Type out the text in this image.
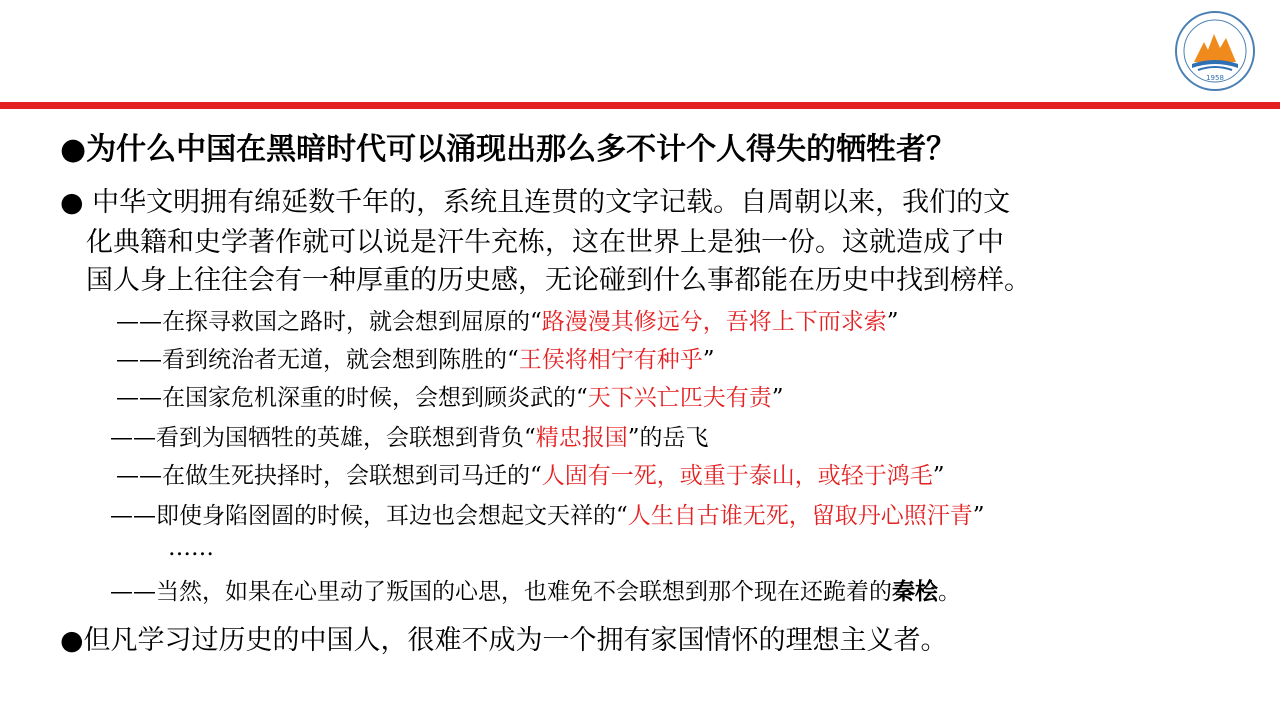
1958
●为什么中国在黑暗时代可以涌现出那么多不计个人得失的牺牲者？
● 中华文明拥有绵延数千年的，系统且连贯的文字记载。自周朝以来，我们的文
化典籍和史学著作就可以说是汗牛充栋，这在世界上是独一份。这就造成了中
国人身上往往会有一种厚重的历史感，无论碰到什么事都能在历史中找到榜样。
——在探寻救国之路时，就会想到屈原的“路漫漫其修远兮，吾将上下而求索”
——看到统治者无道，就会想到陈胜的“王侯将相宁有种乎”
——在国家危机深重的时候，会想到顾炎武的“天下兴亡匹夫有责”
——看到为国牺牲的英雄，会联想到背负“精忠报国”的岳飞
——在做生死抉择时，会联想到司马迁的“人固有一死，或重于泰山，或轻于鸿毛”
——即使身陷囹圄的时候，耳边也会想起文天祥的“人生自古谁无死，留取丹心照汗青”
……
——当然，如果在心里动了叛国的心思，也难免不会联想到那个现在还跪着的秦桧。
●但凡学习过历史的中国人，很难不成为一个拥有家国情怀的理想主义者。
